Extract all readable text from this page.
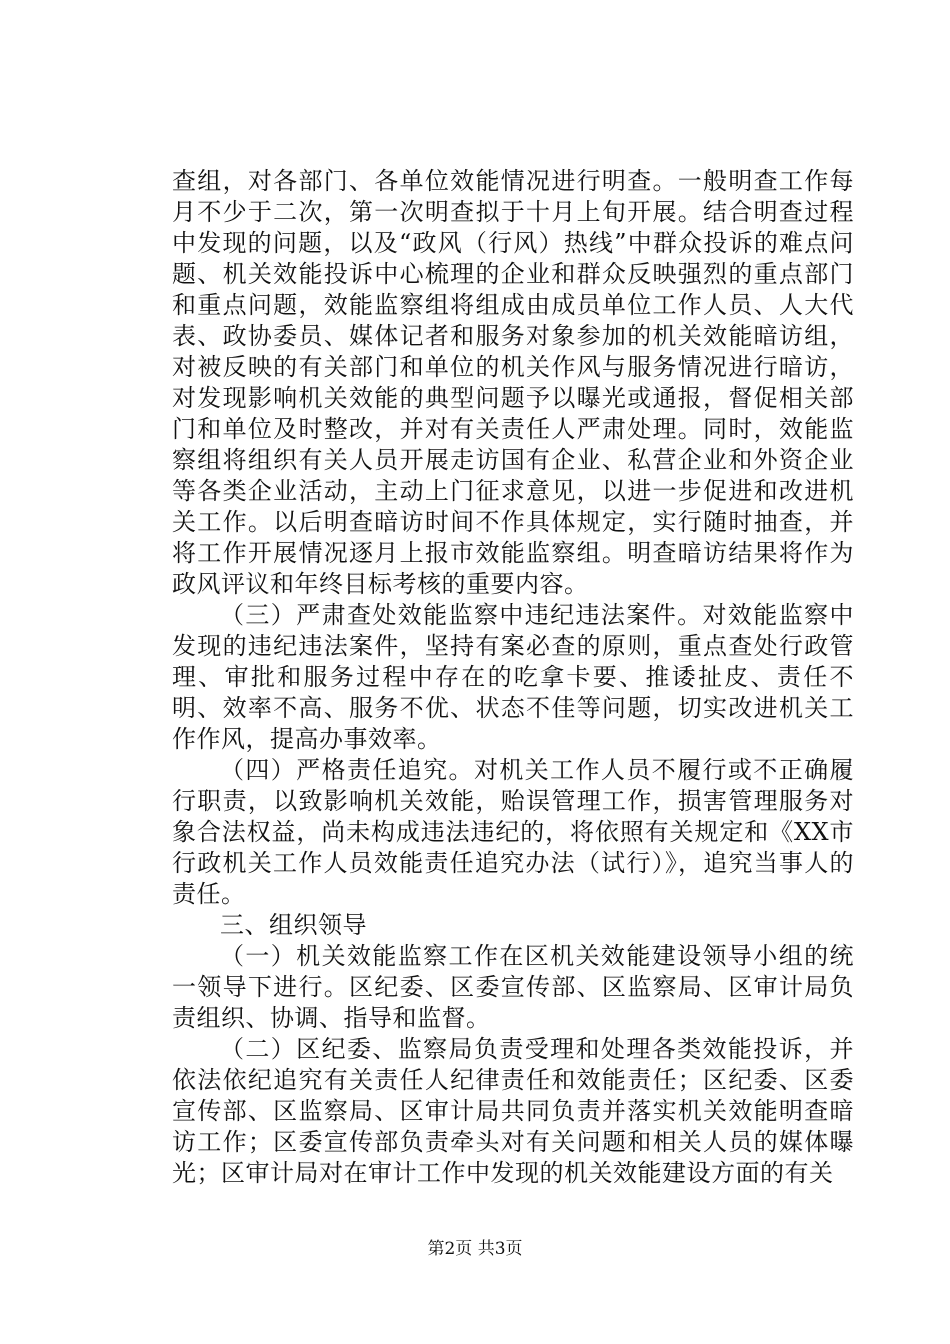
查组，对各部门、各单位效能情况进行明查。一般明查工作每月不少于二次，第一次明查拟于十月上旬开展。结合明查过程中发现的问题，以及“政风（行风）热线”中群众投诉的难点问题、机关效能投诉中心梳理的企业和群众反映强烈的重点部门和重点问题，效能监察组将组成由成员单位工作人员、人大代表、政协委员、媒体记者和服务对象参加的机关效能暗访组，对被反映的有关部门和单位的机关作风与服务情况进行暗访，对发现影响机关效能的典型问题予以曝光或通报，督促相关部门和单位及时整改，并对有关责任人严肃处理。同时，效能监察组将组织有关人员开展走访国有企业、私营企业和外资企业等各类企业活动，主动上门征求意见，以进一步促进和改进机关工作。以后明查暗访时间不作具体规定，实行随时抽查，并将工作开展情况逐月上报市效能监察组。明查暗访结果将作为政风评议和年终目标考核的重要内容。

（三）严肃查处效能监察中违纪违法案件。对效能监察中发现的违纪违法案件，坚持有案必查的原则，重点查处行政管理、审批和服务过程中存在的吃拿卡要、推诿扯皮、责任不明、效率不高、服务不优、状态不佳等问题，切实改进机关工作作风，提高办事效率。

（四）严格责任追究。对机关工作人员不履行或不正确履行职责，以致影响机关效能，贻误管理工作，损害管理服务对象合法权益，尚未构成违法违纪的，将依照有关规定和《XX市行政机关工作人员效能责任追究办法（试行）》，追究当事人的责任。

三、组织领导

（一）机关效能监察工作在区机关效能建设领导小组的统一领导下进行。区纪委、区委宣传部、区监察局、区审计局负责组织、协调、指导和监督。

（二）区纪委、监察局负责受理和处理各类效能投诉，并依法依纪追究有关责任人纪律责任和效能责任；区纪委、区委宣传部、区监察局、区审计局共同负责并落实机关效能明查暗访工作；区委宣传部负责牵头对有关问题和相关人员的媒体曝光；区审计局对在审计工作中发现的机关效能建设方面的有关

第2页 共3页
